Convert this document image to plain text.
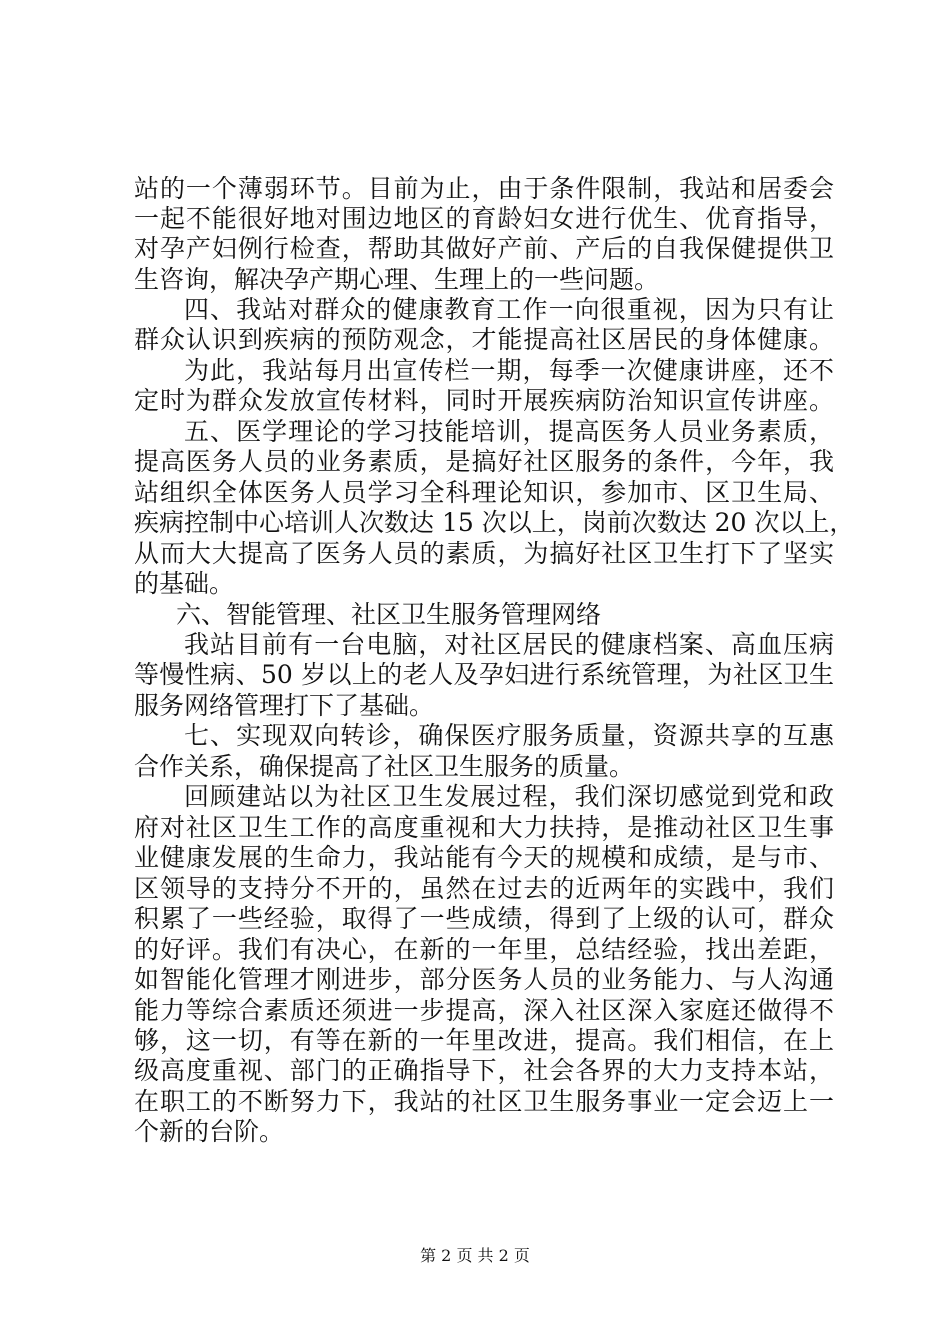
站的一个薄弱环节。目前为止，由于条件限制，我站和居委会
一起不能很好地对围边地区的育龄妇女进行优生、优育指导，
对孕产妇例行检查，帮助其做好产前、产后的自我保健提供卫
生咨询，解决孕产期心理、生理上的一些问题。
四、我站对群众的健康教育工作一向很重视，因为只有让
群众认识到疾病的预防观念，才能提高社区居民的身体健康。
为此，我站每月出宣传栏一期，每季一次健康讲座，还不
定时为群众发放宣传材料，同时开展疾病防治知识宣传讲座。
五、医学理论的学习技能培训，提高医务人员业务素质，
提高医务人员的业务素质，是搞好社区服务的条件，今年，我
站组织全体医务人员学习全科理论知识，参加市、区卫生局、
疾病控制中心培训人次数达 15 次以上，岗前次数达 20 次以上，
从而大大提高了医务人员的素质，为搞好社区卫生打下了坚实
的基础。
六、智能管理、社区卫生服务管理网络
我站目前有一台电脑，对社区居民的健康档案、高血压病
等慢性病、50 岁以上的老人及孕妇进行系统管理，为社区卫生
服务网络管理打下了基础。
七、实现双向转诊，确保医疗服务质量，资源共享的互惠
合作关系，确保提高了社区卫生服务的质量。
回顾建站以为社区卫生发展过程，我们深切感觉到党和政
府对社区卫生工作的高度重视和大力扶持，是推动社区卫生事
业健康发展的生命力，我站能有今天的规模和成绩，是与市、
区领导的支持分不开的，虽然在过去的近两年的实践中，我们
积累了一些经验，取得了一些成绩，得到了上级的认可，群众
的好评。我们有决心，在新的一年里，总结经验，找出差距，
如智能化管理才刚进步，部分医务人员的业务能力、与人沟通
能力等综合素质还须进一步提高，深入社区深入家庭还做得不
够，这一切，有等在新的一年里改进，提高。我们相信，在上
级高度重视、部门的正确指导下，社会各界的大力支持本站，
在职工的不断努力下，我站的社区卫生服务事业一定会迈上一
个新的台阶。
第 2 页 共 2 页
